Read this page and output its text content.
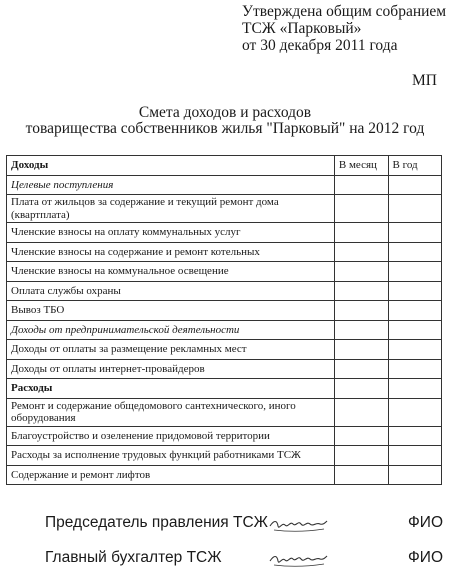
Утверждена общим собранием
ТСЖ «Парковый»
от 30 декабря 2011 года
МП
Смета доходов и расходов
товарищества собственников жилья "Парковый" на 2012 год
Доходы	В месяц	В год
Целевые поступления		
Плата от жильцов за содержание и текущий ремонт дома (квартплата)		
Членские взносы на оплату коммунальных услуг		
Членские взносы на содержание и ремонт котельных		
Членские взносы на коммунальное освещение		
Оплата службы охраны		
Вывоз ТБО		
Доходы от предпринимательской деятельности		
Доходы от оплаты за размещение рекламных мест		
Доходы от оплаты интернет-провайдеров		
Расходы		
Ремонт и содержание общедомового сантехнического, иного оборудования		
Благоустройство и озеленение придомовой территории		
Расходы за исполнение трудовых функций работниками ТСЖ		
Содержание и ремонт лифтов		
Председатель правления ТСЖ	ФИО
Главный бухгалтер ТСЖ	ФИО
